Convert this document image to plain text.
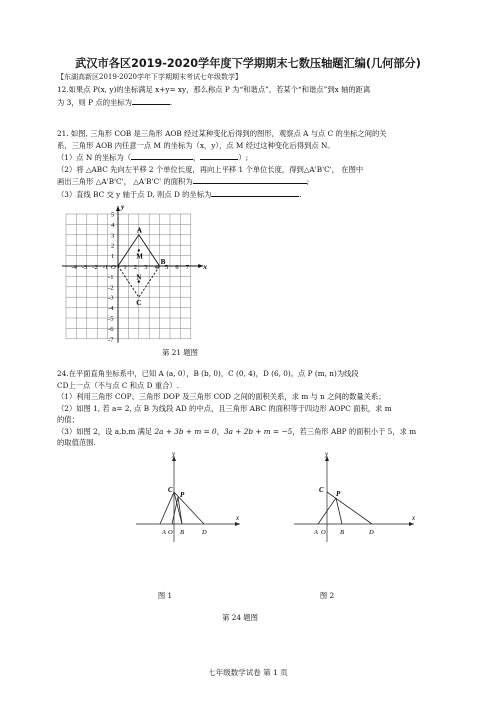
武汉市各区2019-2020学年度下学期期末七数压轴题汇编(几何部分)
【东湖高新区2019-2020学年下学期期末考试七年级数学】
12.如果点 P(x, y)的坐标满足 x+y= xy，那么称点 P 为“和谐点”，若某个“和谐点”到x 轴的距离
为 3，则 P 点的坐标为	.
21. 如图, 三角形 COB 是三角形 AOB 经过某种变化后得到的图形，观察点 A 与点 C 的坐标之间的关
系，三角形 AOB 内任意一点 M 的坐标为（x，y），点 M 经过这种变化后得到点 N。
（1）点 N 的坐标为（	，	）;
（2）将 △ABC 先向左平移 2 个单位长度，再向上平移 1 个单位长度，得到△A'B'C'， 在图中
画出三角形 △A'B'C'， △A'B'C' 的面积为	;
（3）直线 BC 交 y 轴于点 D, 则点 D 的坐标为	.
-4 -3 -2 -1 O 1 2 3 4 5 6 7 x
y
5
4
3
2
1
-1
-2
-3
-4
-5
-6
-7
A
B
C
M
N
第 21 题图
24.在平面直角坐标系中，已知 A (a, 0），B (b, 0)，C (0, 4)，D (6, 0)。点 P (m, n)为线段
CD上一点（不与点 C 和点 D 重合）.
（1）利用三角形 COP、三角形 DOP 及三角形 COD 之间的面积关系，求 m 与 n 之间的数量关系；
（2）如图 1, 若 a= 2, 点 B 为线段 AD 的中点，且三角形 ABC 的面积等于四边形 AOPC 面积，求 m
的值；
（3）如图 2，设 a,b,m 满足 2a + 3b + m = 0，3a + 2b + m = −5，若三角形 ABP 的面积小于 5，求 m
的取值范围.
y
x
C
P
A O B	D
y
x
C P
A O B	D
图 1	图 2
第 24 题图
七年级数学试卷 第 1 页
